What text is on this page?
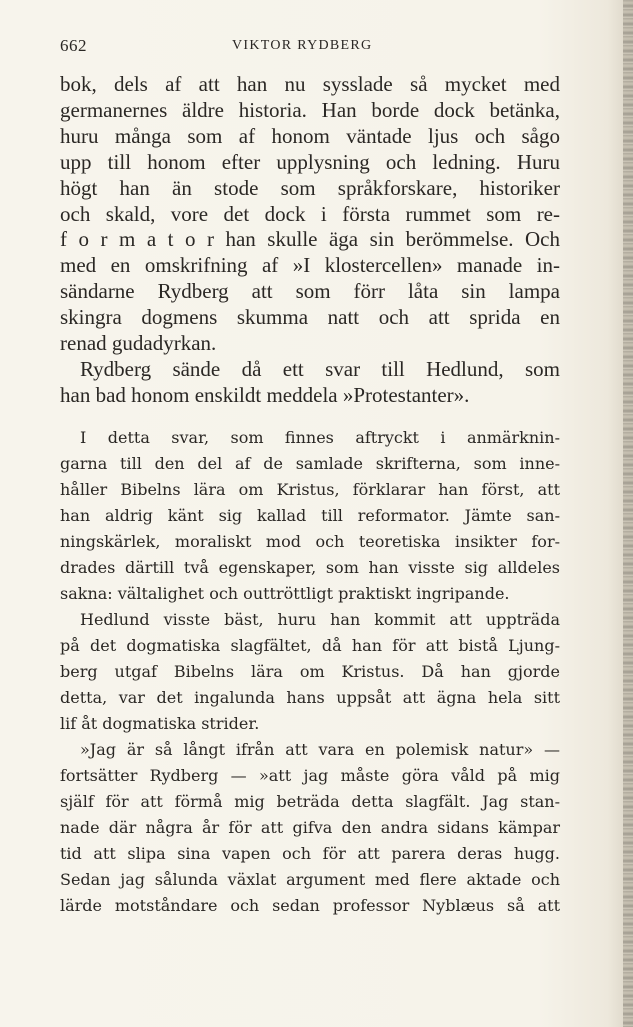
662	VIKTOR RYDBERG
bok, dels af att han nu sysslade så mycket med
germanernes äldre historia. Han borde dock betänka,
huru många som af honom väntade ljus och sågo
upp till honom efter upplysning och ledning. Huru
högt han än stode som språkforskare, historiker
och skald, vore det dock i första rummet som re-
f o r m a t o r han skulle äga sin berömmelse. Och
med en omskrifning af »I klostercellen» manade in-
sändarne Rydberg att som förr låta sin lampa
skingra dogmens skumma natt och att sprida en
renad gudadyrkan.
Rydberg sände då ett svar till Hedlund, som
han bad honom enskildt meddela »Protestanter».
I detta svar, som finnes aftryckt i anmärknin-
garna till den del af de samlade skrifterna, som inne-
håller Bibelns lära om Kristus, förklarar han först, att
han aldrig känt sig kallad till reformator. Jämte san-
ningskärlek, moraliskt mod och teoretiska insikter for-
drades därtill två egenskaper, som han visste sig alldeles
sakna: vältalighet och outtröttligt praktiskt ingripande.
Hedlund visste bäst, huru han kommit att uppträda
på det dogmatiska slagfältet, då han för att bistå Ljung-
berg utgaf Bibelns lära om Kristus. Då han gjorde
detta, var det ingalunda hans uppsåt att ägna hela sitt
lif åt dogmatiska strider.
»Jag är så långt ifrån att vara en polemisk natur» —
fortsätter Rydberg — »att jag måste göra våld på mig
själf för att förmå mig beträda detta slagfält. Jag stan-
nade där några år för att gifva den andra sidans kämpar
tid att slipa sina vapen och för att parera deras hugg.
Sedan jag sålunda växlat argument med flere aktade och
lärde motståndare och sedan professor Nyblæus så att
